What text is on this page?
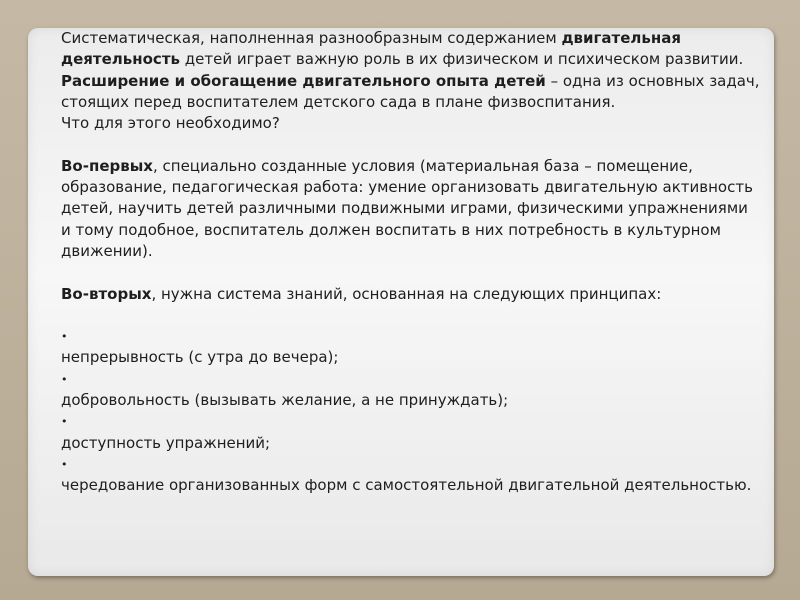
Систематическая, наполненная разнообразным содержанием двигательная деятельность детей играет важную роль в их физическом и психическом развитии. Расширение и обогащение двигательного опыта детей – одна из основных задач, стоящих перед воспитателем детского сада в плане физвоспитания.

Что для этого необходимо?

Во-первых, специально созданные условия (материальная база – помещение, образование, педагогическая работа: умение организовать двигательную активность детей, научить детей различными подвижными играми, физическими упражнениями и тому подобное, воспитатель должен воспитать в них потребность в культурном движении).

Во-вторых, нужна система знаний, основанная на следующих принципах:

•

непрерывность (с утра до вечера);

•

добровольность (вызывать желание, а не принуждать);

•

доступность упражнений;

•

чередование организованных форм с самостоятельной двигательной деятельностью.
